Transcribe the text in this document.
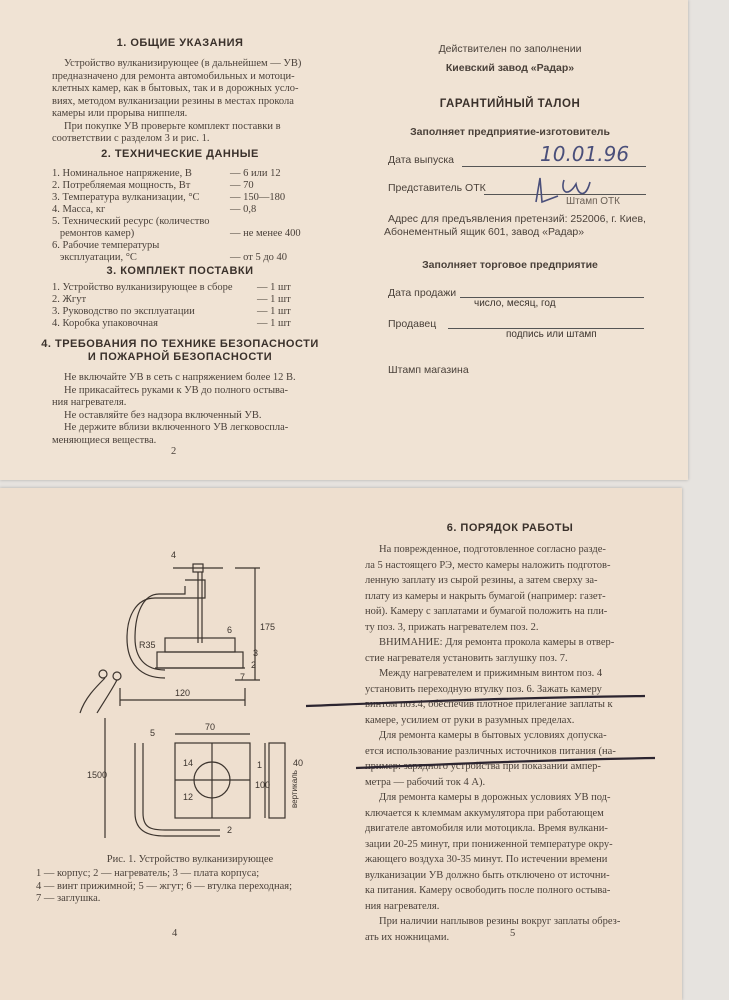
1. ОБЩИЕ УКАЗАНИЯ
Устройство вулканизирующее (в дальнейшем — УВ)
предназначено для ремонта автомобильных и мотоци-
клетных камер, как в бытовых, так и в дорожных усло-
виях, методом вулканизации резины в местах прокола
камеры или прорыва ниппеля.
При покупке УВ проверьте комплект поставки в
соответствии с разделом 3 и рис. 1.
2. ТЕХНИЧЕСКИЕ ДАННЫЕ
1. Номинальное напряжение, В	— 6 или 12
2. Потребляемая мощность, Вт	— 70
3. Температура вулканизации, °С	— 150—180
4. Масса, кг	— 0,8
5. Технический ресурс (количество
ремонтов камер)	— не менее 400
6. Рабочие температуры
эксплуатации, °С	— от 5 до 40
3. КОМПЛЕКТ ПОСТАВКИ
1. Устройство вулканизирующее в сборе	— 1 шт
2. Жгут	— 1 шт
3. Руководство по эксплуатации	— 1 шт
4. Коробка упаковочная	— 1 шт
4. ТРЕБОВАНИЯ ПО ТЕХНИКЕ БЕЗОПАСНОСТИ
И ПОЖАРНОЙ БЕЗОПАСНОСТИ
Не включайте УВ в сеть с напряжением более 12 В.
Не прикасайтесь руками к УВ до полного остыва-
ния нагревателя.
Не оставляйте без надзора включенный УВ.
Не держите вблизи включенного УВ легковоспла-
меняющиеся вещества.
2
Действителен по заполнении
Киевский завод «Радар»
ГАРАНТИЙНЫЙ ТАЛОН
Заполняет предприятие-изготовитель
Дата выпуска	10.01.96
Представитель ОТК
Штамп ОТК
Адрес для предъявления претензий: 252006, г. Киев,
Абонементный ящик 601, завод «Радар»
Заполняет торговое предприятие
Дата продажи
число, месяц, год
Продавец
подпись или штамп
Штамп магазина
4
6
3
2
7
5
1
2
175
120
70
100
1500
R35
14
12
40
вертикаль
Рис. 1. Устройство вулканизирующее
1 — корпус; 2 — нагреватель; 3 — плата корпуса;
4 — винт прижимной; 5 — жгут; 6 — втулка переходная;
7 — заглушка.
4
6. ПОРЯДОК РАБОТЫ
На поврежденное, подготовленное согласно разде-
ла 5 настоящего РЭ, место камеры наложить подготов-
ленную заплату из сырой резины, а затем сверху за-
плату из камеры и накрыть бумагой (например: газет-
ной). Камеру с заплатами и бумагой положить на пли-
ту поз. 3, прижать нагревателем поз. 2.
ВНИМАНИЕ: Для ремонта прокола камеры в отвер-
стие нагревателя установить заглушку поз. 7.
Между нагревателем и прижимным винтом поз. 4
установить переходную втулку поз. 6. Зажать камеру
винтом поз.4, обеспечив плотное прилегание заплаты к
камере, усилием от руки в разумных пределах.
Для ремонта камеры в бытовых условиях допуска-
ется использование различных источников питания (на-
пример: зарядного устройства при показании ампер-
метра — рабочий ток 4 А).
Для ремонта камеры в дорожных условиях УВ под-
ключается к клеммам аккумулятора при работающем
двигателе автомобиля или мотоцикла. Время вулкани-
зации 20-25 минут, при пониженной температуре окру-
жающего воздуха 30-35 минут. По истечении времени
вулканизации УВ должно быть отключено от источни-
ка питания. Камеру освободить после полного остыва-
ния нагревателя.
При наличии наплывов резины вокруг заплаты обрез-
ать их ножницами.	5
